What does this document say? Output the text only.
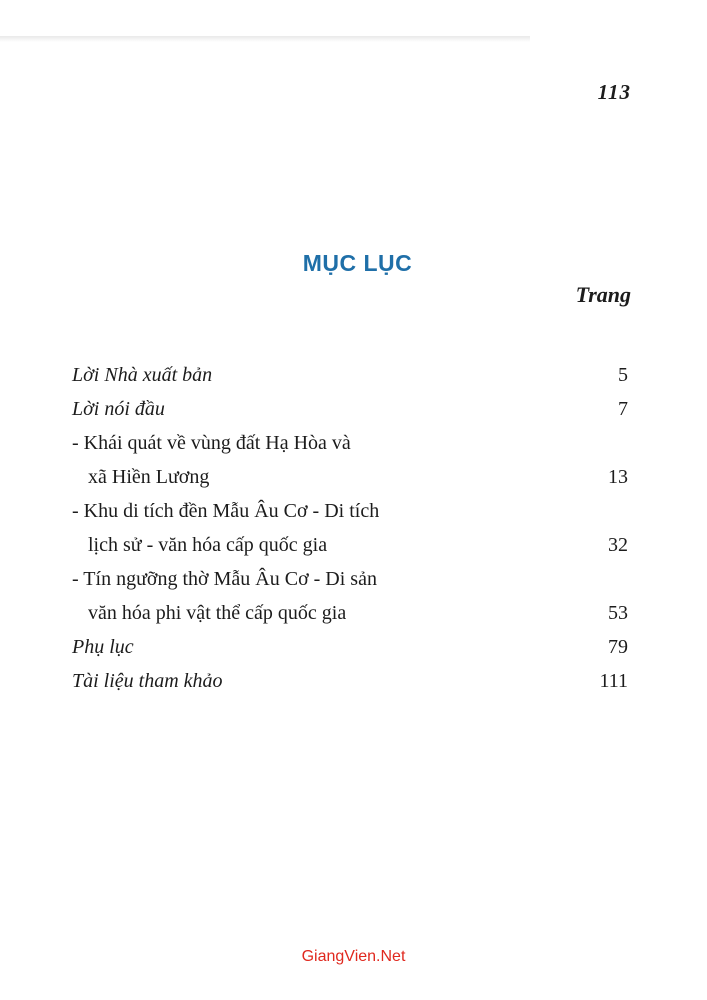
113
MỤC LỤC
Trang
Lời Nhà xuất bản	5
Lời nói đầu	7
- Khái quát về vùng đất Hạ Hòa và
xã Hiền Lương	13
- Khu di tích đền Mẫu Âu Cơ - Di tích
lịch sử - văn hóa cấp quốc gia	32
- Tín ngưỡng thờ Mẫu Âu Cơ - Di sản
văn hóa phi vật thể cấp quốc gia	53
Phụ lục	79
Tài liệu tham khảo	111
GiangVien.Net
